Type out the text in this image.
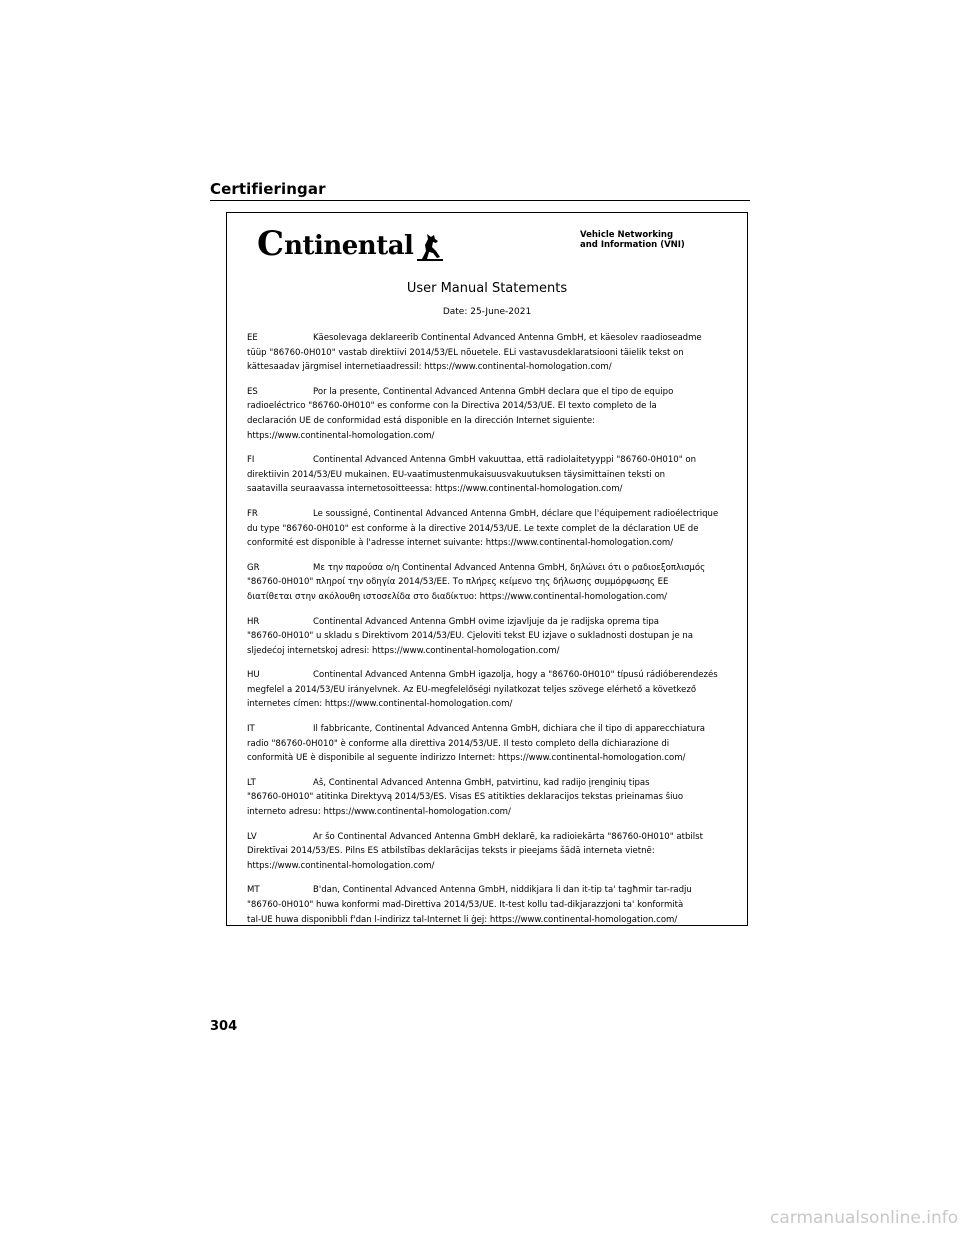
Certifieringar
C ntinental	Vehicle Networking
and Information (VNI)
User Manual Statements
Date: 25-June-2021
EE	Käesolevaga deklareerib Continental Advanced Antenna GmbH, et käesolev raadioseadme
tüüp "86760-0H010" vastab direktiivi 2014/53/EL nõuetele. ELi vastavusdeklaratsiooni täielik tekst on
kättesaadav järgmisel internetiaadressil: https://www.continental-homologation.com/
ES	Por la presente, Continental Advanced Antenna GmbH declara que el tipo de equipo
radioeléctrico "86760-0H010" es conforme con la Directiva 2014/53/UE. El texto completo de la
declaración UE de conformidad está disponible en la dirección Internet siguiente:
https://www.continental-homologation.com/
FI	Continental Advanced Antenna GmbH vakuuttaa, että radiolaitetyyppi "86760-0H010" on
direktiivin 2014/53/EU mukainen. EU-vaatimustenmukaisuusvakuutuksen täysimittainen teksti on
saatavilla seuraavassa internetosoitteessa: https://www.continental-homologation.com/
FR	Le soussigné, Continental Advanced Antenna GmbH, déclare que l'équipement radioélectrique
du type "86760-0H010" est conforme à la directive 2014/53/UE. Le texte complet de la déclaration UE de
conformité est disponible à l'adresse internet suivante: https://www.continental-homologation.com/
GR	Με την παρούσα ο/η Continental Advanced Antenna GmbH, δηλώνει ότι ο ραδιοεξοπλισμός
"86760-0H010" πληροί την οδηγία 2014/53/ΕΕ. Το πλήρες κείμενο της δήλωσης συμμόρφωσης ΕΕ
διατίθεται στην ακόλουθη ιστοσελίδα στο διαδίκτυο: https://www.continental-homologation.com/
HR	Continental Advanced Antenna GmbH ovime izjavljuje da je radijska oprema tipa
"86760-0H010" u skladu s Direktivom 2014/53/EU. Cjeloviti tekst EU izjave o sukladnosti dostupan je na
sljedećoj internetskoj adresi: https://www.continental-homologation.com/
HU	Continental Advanced Antenna GmbH igazolja, hogy a "86760-0H010" típusú rádióberendezés
megfelel a 2014/53/EU irányelvnek. Az EU-megfelelőségi nyilatkozat teljes szövege elérhető a következő
internetes címen: https://www.continental-homologation.com/
IT	Il fabbricante, Continental Advanced Antenna GmbH, dichiara che il tipo di apparecchiatura
radio "86760-0H010" è conforme alla direttiva 2014/53/UE. Il testo completo della dichiarazione di
conformità UE è disponibile al seguente indirizzo Internet: https://www.continental-homologation.com/
LT	Aš, Continental Advanced Antenna GmbH, patvirtinu, kad radijo įrenginių tipas
"86760-0H010" atitinka Direktyvą 2014/53/ES. Visas ES atitikties deklaracijos tekstas prieinamas šiuo
interneto adresu: https://www.continental-homologation.com/
LV	Ar šo Continental Advanced Antenna GmbH deklarē, ka radioiekārta "86760-0H010" atbilst
Direktīvai 2014/53/ES. Pilns ES atbilstības deklarācijas teksts ir pieejams šādā interneta vietnē:
https://www.continental-homologation.com/
MT	B'dan, Continental Advanced Antenna GmbH, niddikjara li dan it-tip ta' tagħmir tar-radju
"86760-0H010" huwa konformi mad-Direttiva 2014/53/UE. It-test kollu tad-dikjarazzjoni ta' konformità
tal-UE huwa disponibbli f'dan l-indirizz tal-Internet li ġej: https://www.continental-homologation.com/
304
carmanualsonline.info
